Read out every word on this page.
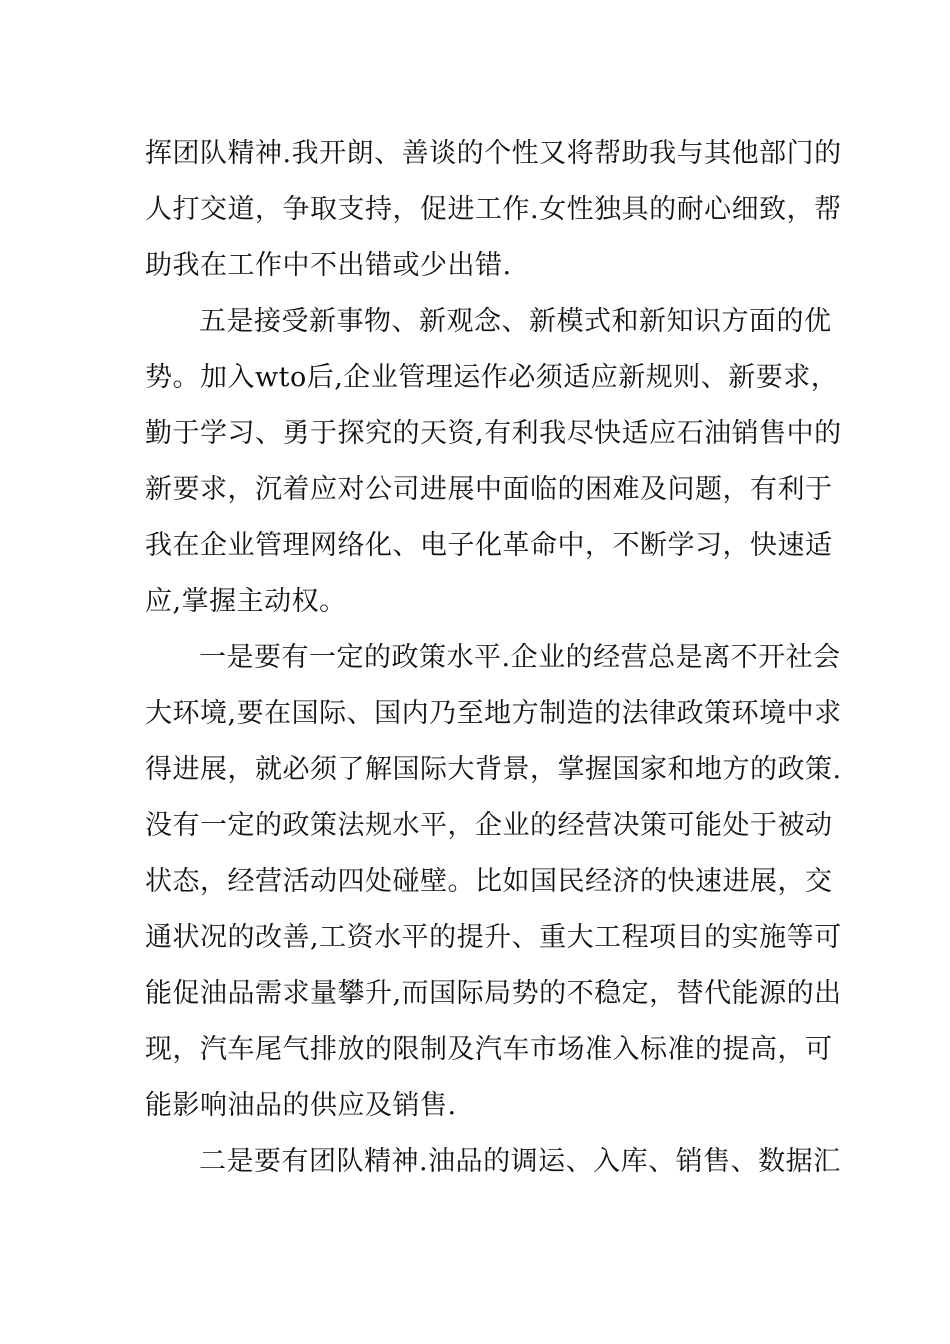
挥团队精神.我开朗、善谈的个性又将帮助我与其他部门的
人打交道，争取支持，促进工作.女性独具的耐心细致，帮
助我在工作中不出错或少出错.
五是接受新事物、新观念、新模式和新知识方面的优
势。加入wto后,企业管理运作必须适应新规则、新要求，
勤于学习、勇于探究的天资,有利我尽快适应石油销售中的
新要求，沉着应对公司进展中面临的困难及问题，有利于
我在企业管理网络化、电子化革命中，不断学习，快速适
应,掌握主动权。
一是要有一定的政策水平.企业的经营总是离不开社会
大环境,要在国际、国内乃至地方制造的法律政策环境中求
得进展，就必须了解国际大背景，掌握国家和地方的政策.
没有一定的政策法规水平，企业的经营决策可能处于被动
状态，经营活动四处碰壁。比如国民经济的快速进展，交
通状况的改善,工资水平的提升、重大工程项目的实施等可
能促油品需求量攀升,而国际局势的不稳定，替代能源的出
现，汽车尾气排放的限制及汽车市场准入标准的提高，可
能影响油品的供应及销售.
二是要有团队精神.油品的调运、入库、销售、数据汇
